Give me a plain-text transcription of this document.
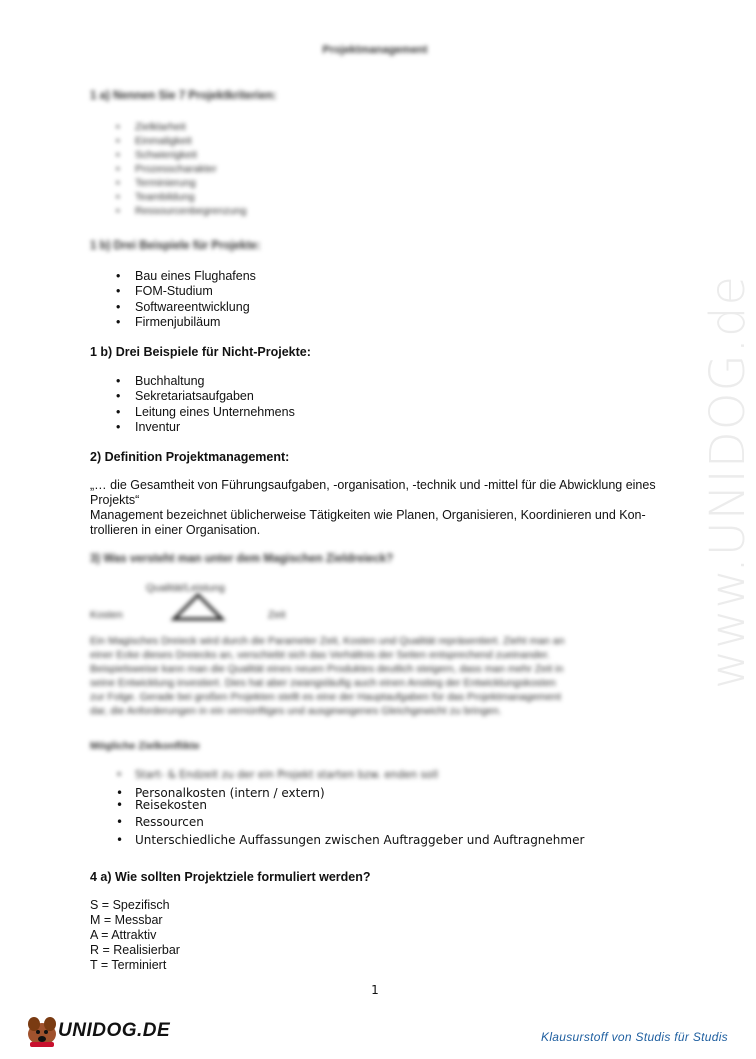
Projektmanagement
1 a) Nennen Sie 7 Projektkriterien:
• Zielklarheit
• Einmaligkeit
• Schwierigkeit
• Prozesscharakter
• Terminierung
• Teambildung
• Ressourcenbegrenzung
1 b) Drei Beispiele für Projekte:
• Bau eines Flughafens
• FOM-Studium
• Softwareentwicklung
• Firmenjubiläum
1 b) Drei Beispiele für Nicht-Projekte:
• Buchhaltung
• Sekretariatsaufgaben
• Leitung eines Unternehmens
• Inventur
2) Definition Projektmanagement:

„… die Gesamtheit von Führungsaufgaben, -organisation, -technik und -mittel für die Abwicklung eines

Projekts“

Management bezeichnet üblicherweise Tätigkeiten wie Planen, Organisieren, Koordinieren und Kon-

trollieren in einer Organisation.

3) Was versteht man unter dem Magischen Zieldreieck?
Qualität/Leistung
Kosten	Zeit

Ein Magisches Dreieck wird durch die Parameter Zeit, Kosten und Qualität repräsentiert. Zieht man an

einer Ecke dieses Dreiecks an, verschiebt sich das Verhältnis der Seiten entsprechend zueinander.

Beispielsweise kann man die Qualität eines neuen Produktes deutlich steigern, dass man mehr Zeit in

seine Entwicklung investiert. Dies hat aber zwangsläufig auch einen Anstieg der Entwicklungskosten

zur Folge. Gerade bei großen Projekten stellt es eine der Hauptaufgaben für das Projektmanagement

dar, die Anforderungen in ein vernünftiges und ausgewogenes Gleichgewicht zu bringen.

Mögliche Zielkonflikte
• Start- & Endzeit zu der ein Projekt starten bzw. enden soll
• Personalkosten (intern / extern)
• Reisekosten
• Ressourcen
• Unterschiedliche Auffassungen zwischen Auftraggeber und Auftragnehmer
4 a) Wie sollten Projektziele formuliert werden?

S = Spezifisch

M = Messbar

A = Attraktiv

R = Realisierbar

T = Terminiert

1
www.UNIDOG.de
UNIDOG.DE	Klausurstoff von Studis für Studis
